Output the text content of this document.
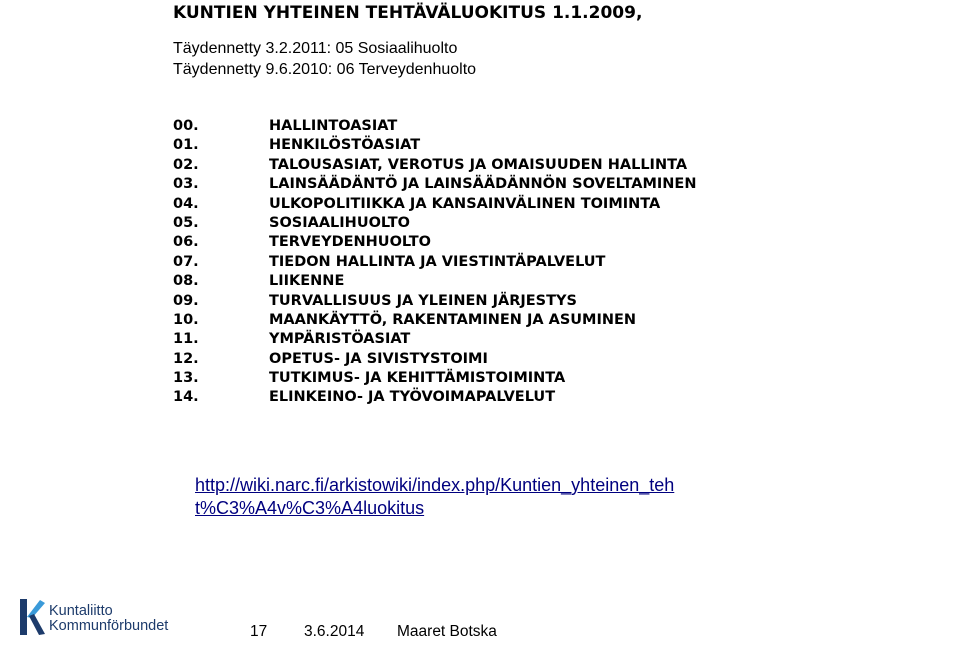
KUNTIEN YHTEINEN TEHTÄVÄLUOKITUS 1.1.2009,
Täydennetty 3.2.2011: 05 Sosiaalihuolto
Täydennetty 9.6.2010: 06 Terveydenhuolto
00.	HALLINTOASIAT
01.	HENKILÖSTÖASIAT
02.	TALOUSASIAT, VEROTUS JA OMAISUUDEN HALLINTA
03.	LAINSÄÄDÄNTÖ JA LAINSÄÄDÄNNÖN SOVELTAMINEN
04.	ULKOPOLITIIKKA JA KANSAINVÄLINEN TOIMINTA
05.	SOSIAALIHUOLTO
06.	TERVEYDENHUOLTO
07.	TIEDON HALLINTA JA VIESTINTÄPALVELUT
08.	LIIKENNE
09.	TURVALLISUUS JA YLEINEN JÄRJESTYS
10.	MAANKÄYTTÖ, RAKENTAMINEN JA ASUMINEN
11.	YMPÄRISTÖASIAT
12.	OPETUS- JA SIVISTYSTOIMI
13.	TUTKIMUS- JA KEHITTÄMISTOIMINTA
14.	ELINKEINO- JA TYÖVOIMAPALVELUT
http://wiki.narc.fi/arkistowiki/index.php/Kuntien_yhteinen_teht%C3%A4v%C3%A4luokitus
Kuntaliitto
Kommunförbundet	17 3.6.2014 Maaret Botska
